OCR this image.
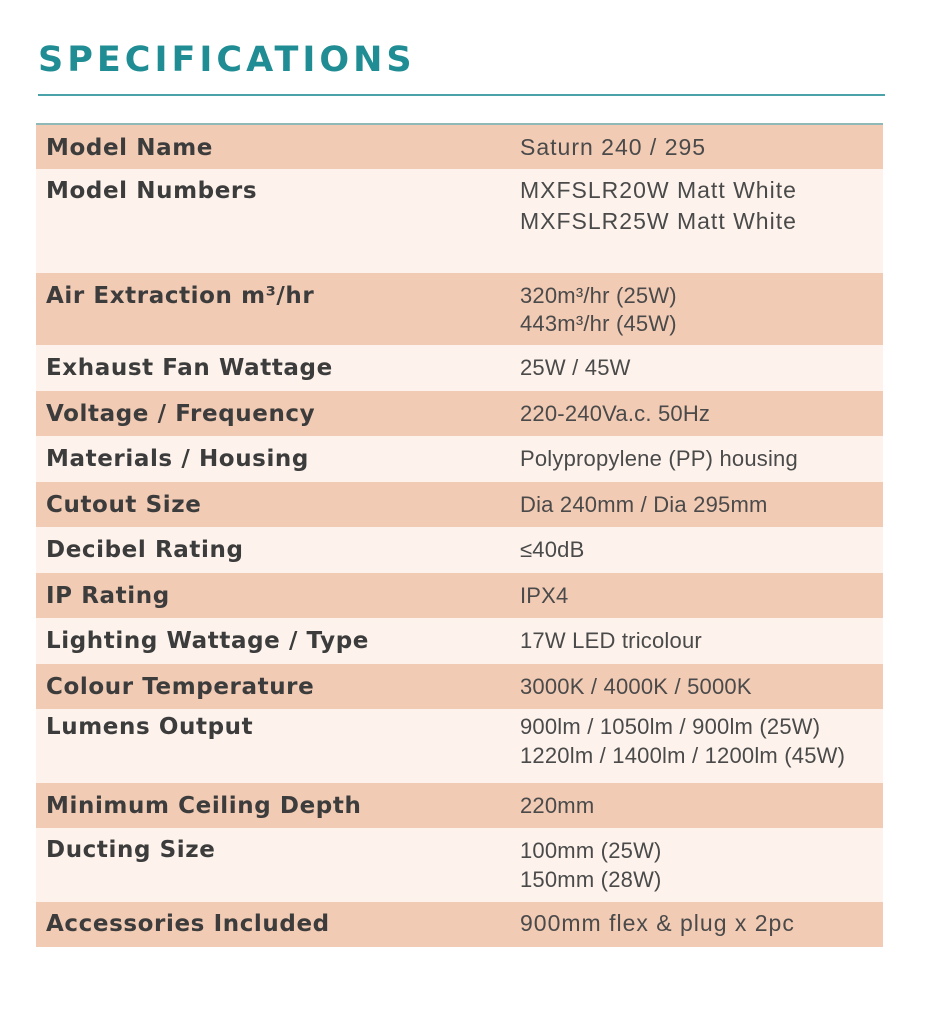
SPECIFICATIONS
Model Name	Saturn 240 / 295

Model Numbers	MXFSLR20W Matt White
MXFSLR25W Matt White

Air Extraction m³/hr	320m³/hr (25W)
443m³/hr (45W)

Exhaust Fan Wattage	25W / 45W

Voltage / Frequency	220-240Va.c. 50Hz

Materials / Housing	Polypropylene (PP) housing

Cutout Size	Dia 240mm / Dia 295mm

Decibel Rating	≤40dB

IP Rating	IPX4

Lighting Wattage / Type	17W LED tricolour

Colour Temperature	3000K / 4000K / 5000K

Lumens Output	900lm / 1050lm / 900lm (25W)
1220lm / 1400lm / 1200lm (45W)

Minimum Ceiling Depth	220mm

Ducting Size	100mm (25W)
150mm (28W)

Accessories Included	900mm flex & plug x 2pc
